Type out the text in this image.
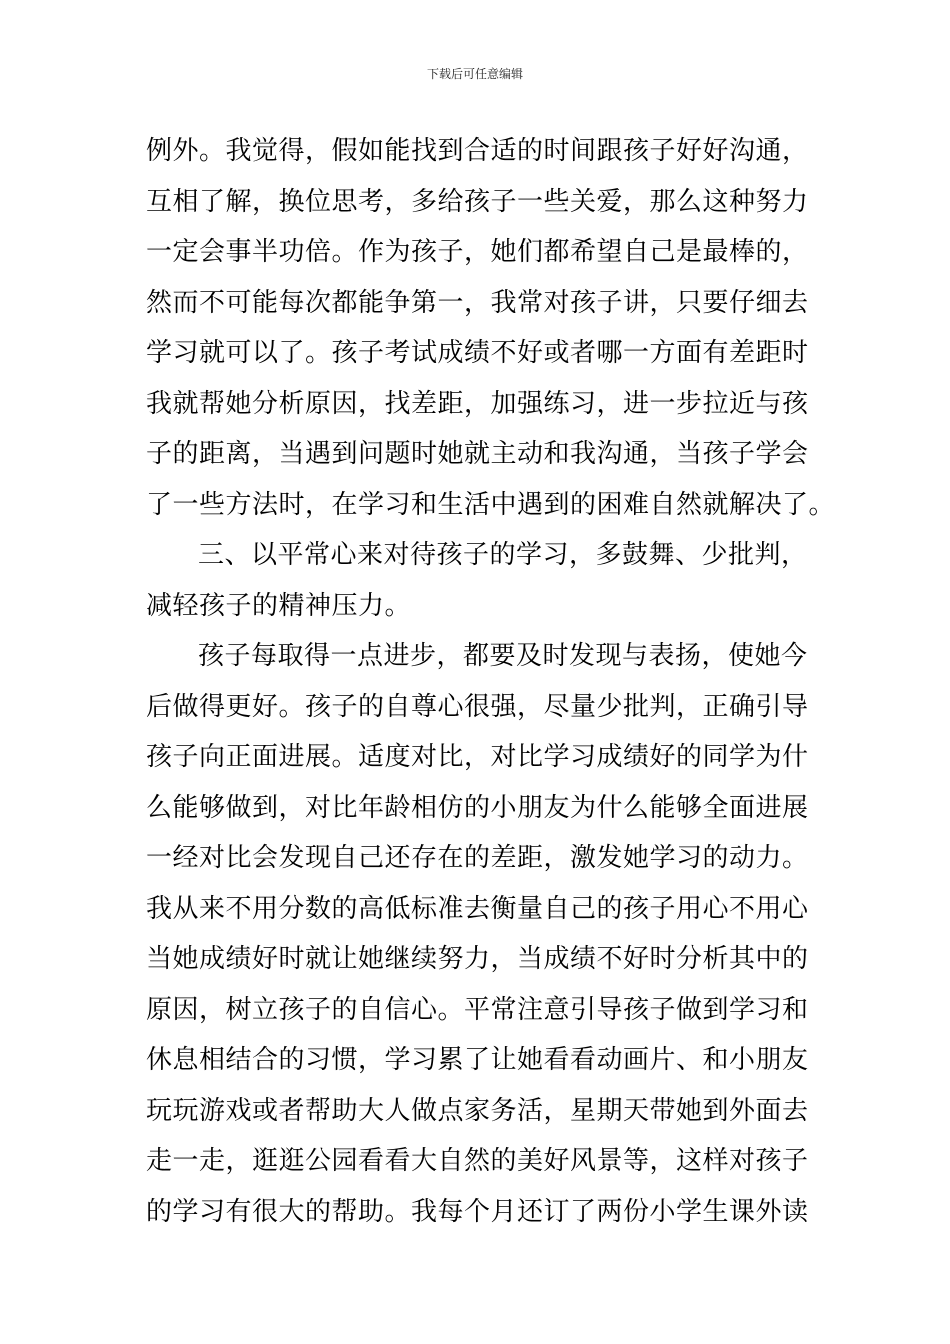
下载后可任意编辑
例外。我觉得，假如能找到合适的时间跟孩子好好沟通，
互相了解，换位思考，多给孩子一些关爱，那么这种努力
一定会事半功倍。作为孩子，她们都希望自己是最棒的，
然而不可能每次都能争第一，我常对孩子讲，只要仔细去
学习就可以了。孩子考试成绩不好或者哪一方面有差距时
我就帮她分析原因，找差距，加强练习，进一步拉近与孩
子的距离，当遇到问题时她就主动和我沟通，当孩子学会
了一些方法时，在学习和生活中遇到的困难自然就解决了。
三、以平常心来对待孩子的学习，多鼓舞、少批判，
减轻孩子的精神压力。
孩子每取得一点进步，都要及时发现与表扬，使她今
后做得更好。孩子的自尊心很强，尽量少批判，正确引导
孩子向正面进展。适度对比，对比学习成绩好的同学为什
么能够做到，对比年龄相仿的小朋友为什么能够全面进展
一经对比会发现自己还存在的差距，激发她学习的动力。
我从来不用分数的高低标准去衡量自己的孩子用心不用心
当她成绩好时就让她继续努力，当成绩不好时分析其中的
原因，树立孩子的自信心。平常注意引导孩子做到学习和
休息相结合的习惯，学习累了让她看看动画片、和小朋友
玩玩游戏或者帮助大人做点家务活，星期天带她到外面去
走一走，逛逛公园看看大自然的美好风景等，这样对孩子
的学习有很大的帮助。我每个月还订了两份小学生课外读
